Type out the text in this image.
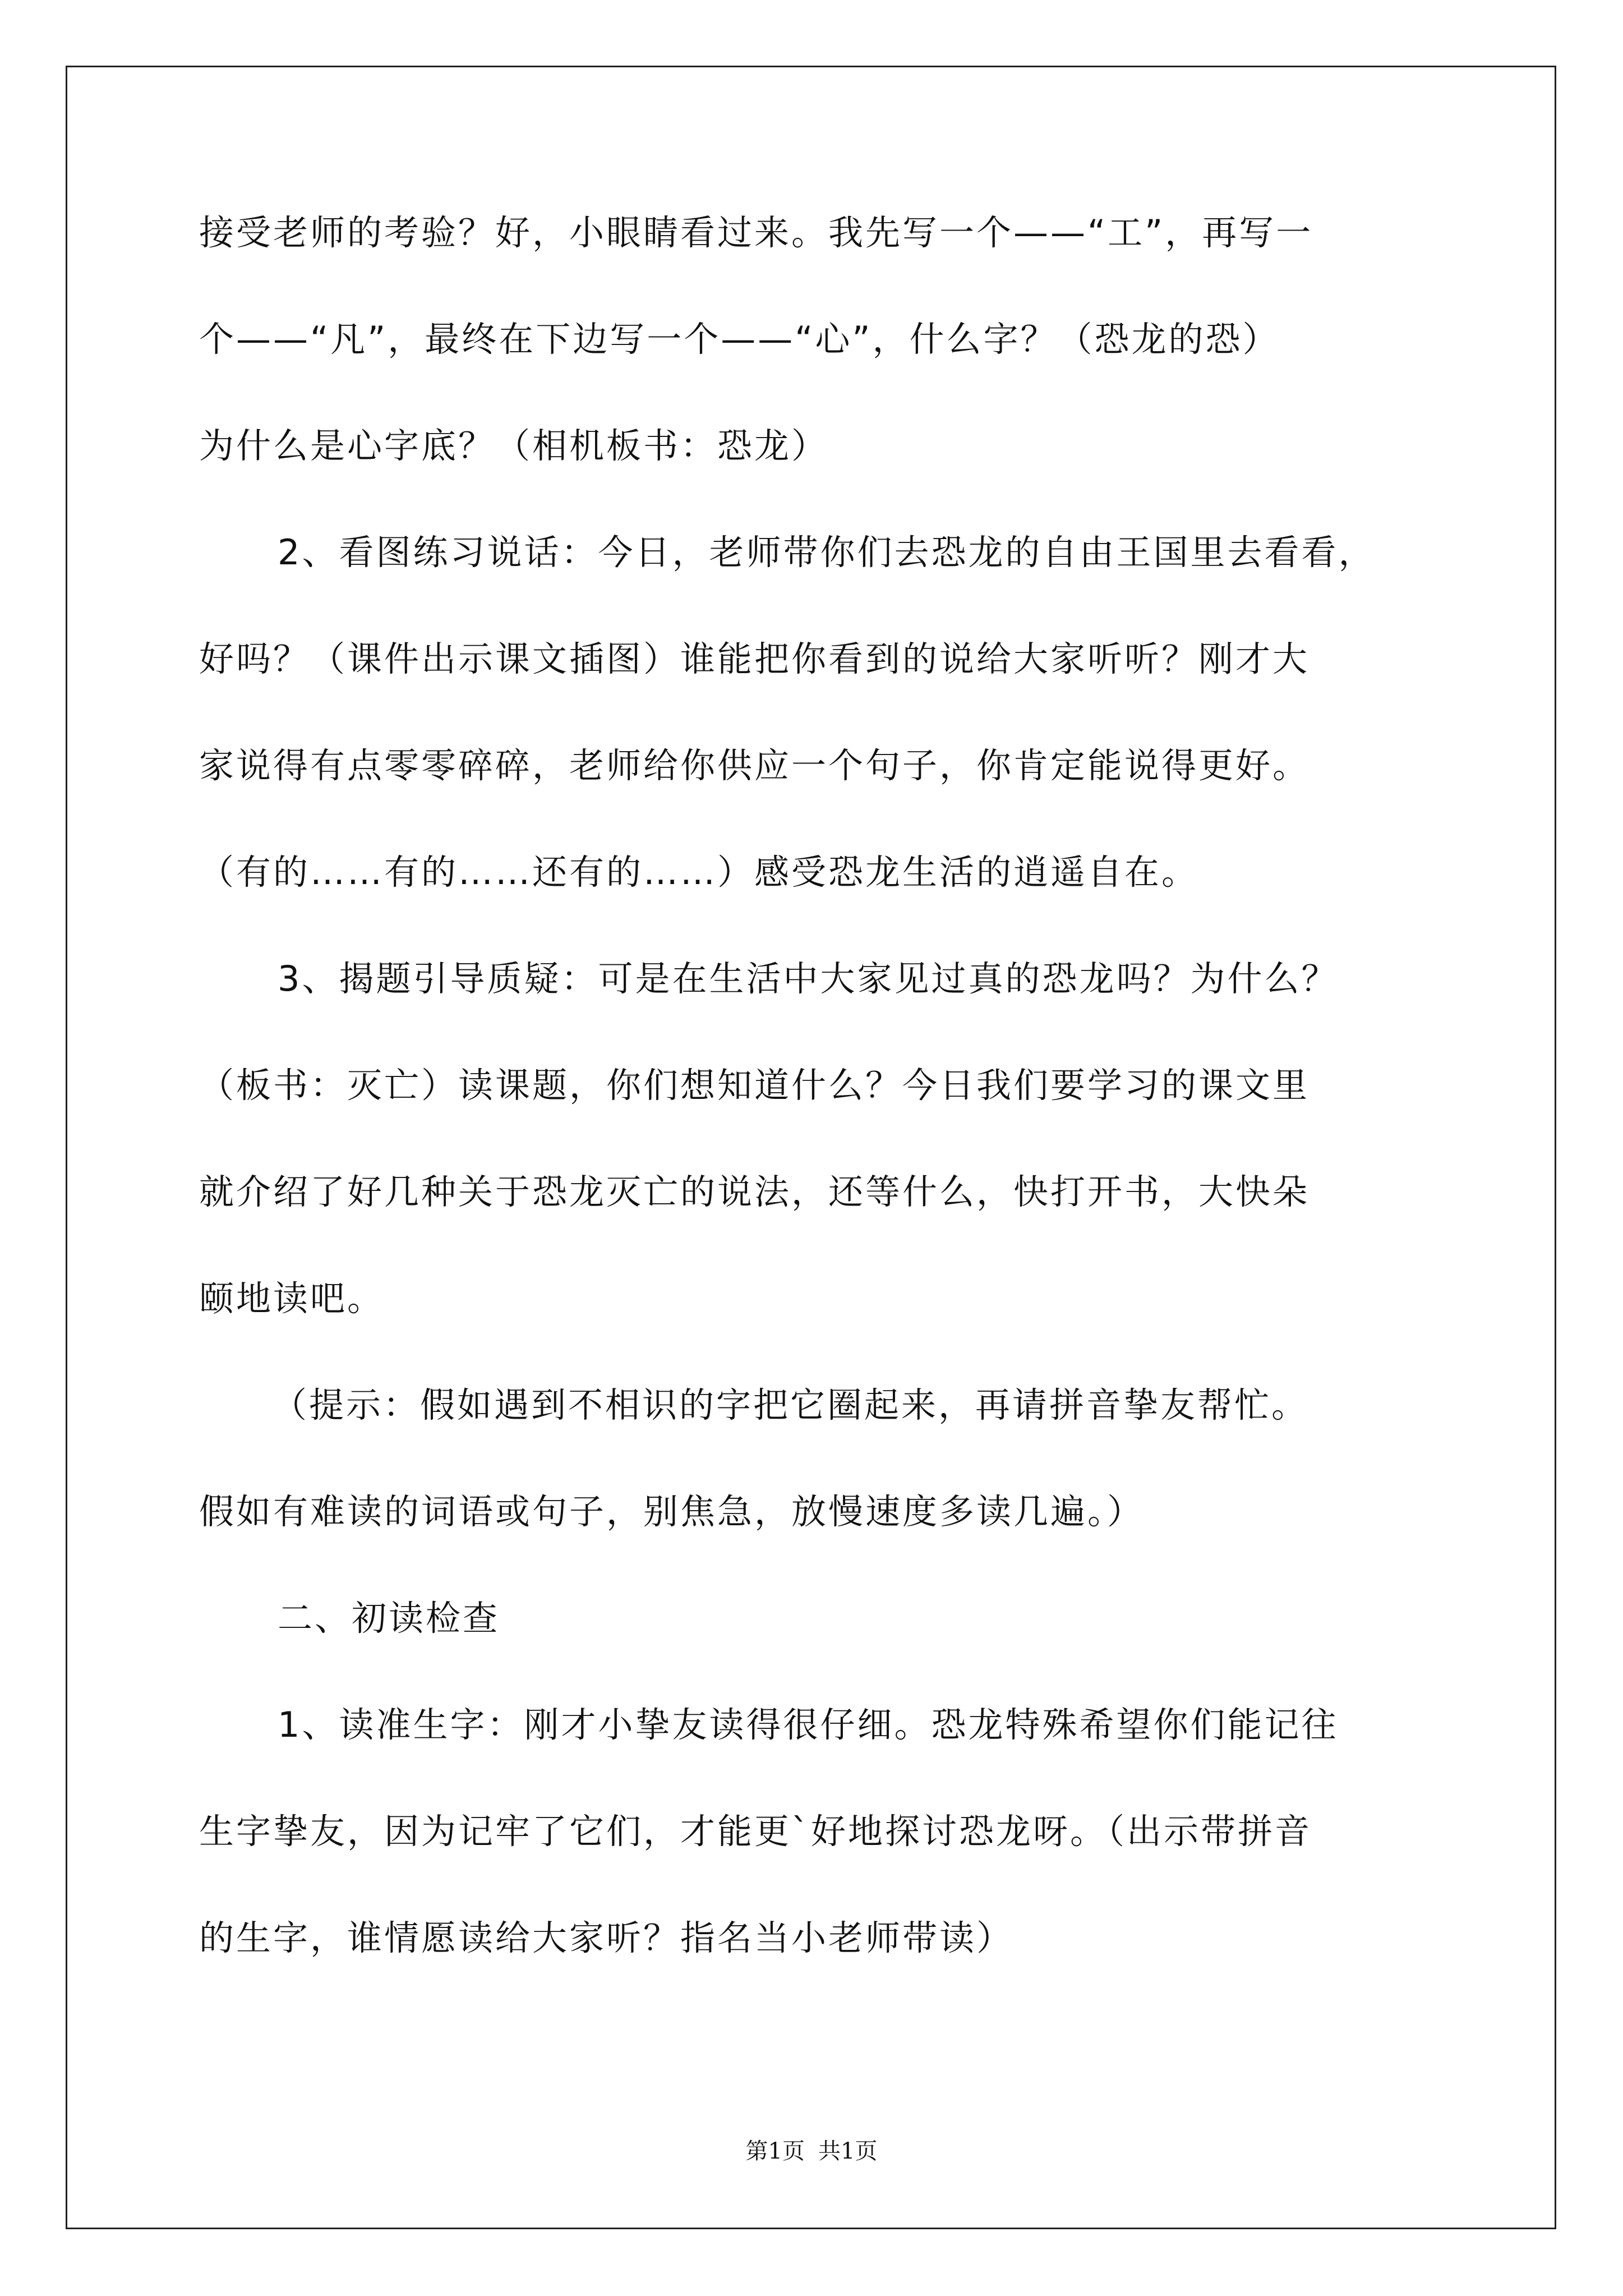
接受老师的考验？好，小眼睛看过来。我先写一个——“工”，再写一
个——“凡”，最终在下边写一个——“心”，什么字？（恐龙的恐）
为什么是心字底？（相机板书：恐龙）
2、看图练习说话：今日，老师带你们去恐龙的自由王国里去看看，
好吗？（课件出示课文插图）谁能把你看到的说给大家听听？刚才大
家说得有点零零碎碎，老师给你供应一个句子，你肯定能说得更好。
（有的……有的……还有的……）感受恐龙生活的逍遥自在。
3、揭题引导质疑：可是在生活中大家见过真的恐龙吗？为什么？
（板书：灭亡）读课题，你们想知道什么？今日我们要学习的课文里
就介绍了好几种关于恐龙灭亡的说法，还等什么，快打开书，大快朵
颐地读吧。
（提示：假如遇到不相识的字把它圈起来，再请拼音挚友帮忙。
假如有难读的词语或句子，别焦急，放慢速度多读几遍。）
二、初读检查
1、读准生字：刚才小挚友读得很仔细。恐龙特殊希望你们能记往
生字挚友，因为记牢了它们，才能更`好地探讨恐龙呀。（出示带拼音
的生字，谁情愿读给大家听？指名当小老师带读）
第1页 共1页
